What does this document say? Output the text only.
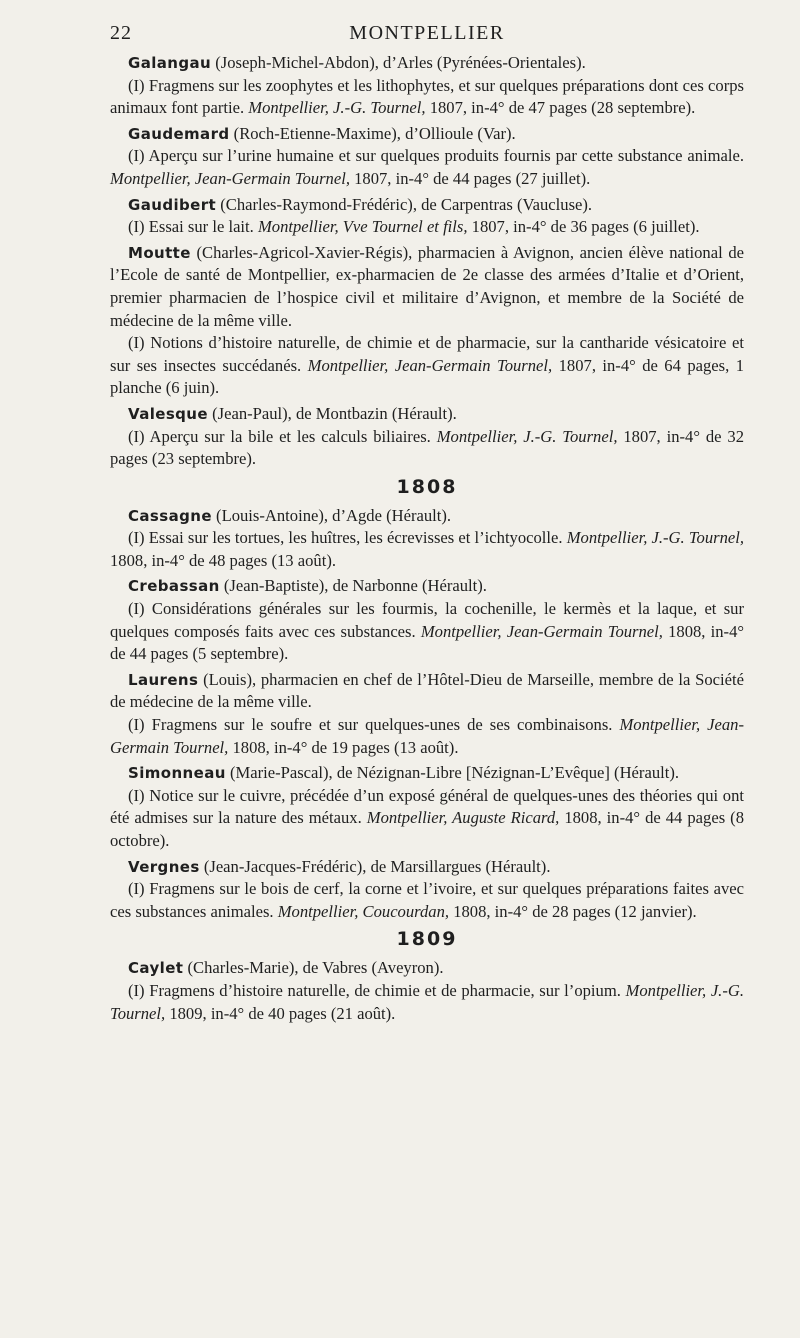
22	MONTPELLIER

Galangau (Joseph-Michel-Abdon), d’Arles (Pyrénées-Orientales).

(I) Fragmens sur les zoophytes et les lithophytes, et sur quelques préparations dont ces corps animaux font partie. Montpellier, J.-G. Tournel, 1807, in-4° de 47 pages (28 septembre).

Gaudemard (Roch-Etienne-Maxime), d’Ollioule (Var).

(I) Aperçu sur l’urine humaine et sur quelques produits fournis par cette substance animale. Montpellier, Jean-Germain Tournel, 1807, in-4° de 44 pages (27 juillet).

Gaudibert (Charles-Raymond-Frédéric), de Carpentras (Vaucluse).

(I) Essai sur le lait. Montpellier, Vve Tournel et fils, 1807, in-4° de 36 pages (6 juillet).

Moutte (Charles-Agricol-Xavier-Régis), pharmacien à Avignon, ancien élève national de l’Ecole de santé de Montpellier, ex-pharmacien de 2e classe des armées d’Italie et d’Orient, premier pharmacien de l’hospice civil et militaire d’Avignon, et membre de la Société de médecine de la même ville.

(I) Notions d’histoire naturelle, de chimie et de pharmacie, sur la cantharide vésicatoire et sur ses insectes succédanés. Montpellier, Jean-Germain Tournel, 1807, in-4° de 64 pages, 1 planche (6 juin).

Valesque (Jean-Paul), de Montbazin (Hérault).

(I) Aperçu sur la bile et les calculs biliaires. Montpellier, J.-G. Tournel, 1807, in-4° de 32 pages (23 septembre).

1808

Cassagne (Louis-Antoine), d’Agde (Hérault).

(I) Essai sur les tortues, les huîtres, les écrevisses et l’ichtyocolle. Montpellier, J.-G. Tournel, 1808, in-4° de 48 pages (13 août).

Crebassan (Jean-Baptiste), de Narbonne (Hérault).

(I) Considérations générales sur les fourmis, la cochenille, le kermès et la laque, et sur quelques composés faits avec ces substances. Montpellier, Jean-Germain Tournel, 1808, in-4° de 44 pages (5 septembre).

Laurens (Louis), pharmacien en chef de l’Hôtel-Dieu de Marseille, membre de la Société de médecine de la même ville.

(I) Fragmens sur le soufre et sur quelques-unes de ses combinaisons. Montpellier, Jean-Germain Tournel, 1808, in-4° de 19 pages (13 août).

Simonneau (Marie-Pascal), de Nézignan-Libre [Nézignan-L’Evêque] (Hérault).

(I) Notice sur le cuivre, précédée d’un exposé général de quelques-unes des théories qui ont été admises sur la nature des métaux. Montpellier, Auguste Ricard, 1808, in-4° de 44 pages (8 octobre).

Vergnes (Jean-Jacques-Frédéric), de Marsillargues (Hérault).

(I) Fragmens sur le bois de cerf, la corne et l’ivoire, et sur quelques préparations faites avec ces substances animales. Montpellier, Coucourdan, 1808, in-4° de 28 pages (12 janvier).

1809

Caylet (Charles-Marie), de Vabres (Aveyron).

(I) Fragmens d’histoire naturelle, de chimie et de pharmacie, sur l’opium. Montpellier, J.-G. Tournel, 1809, in-4° de 40 pages (21 août).
